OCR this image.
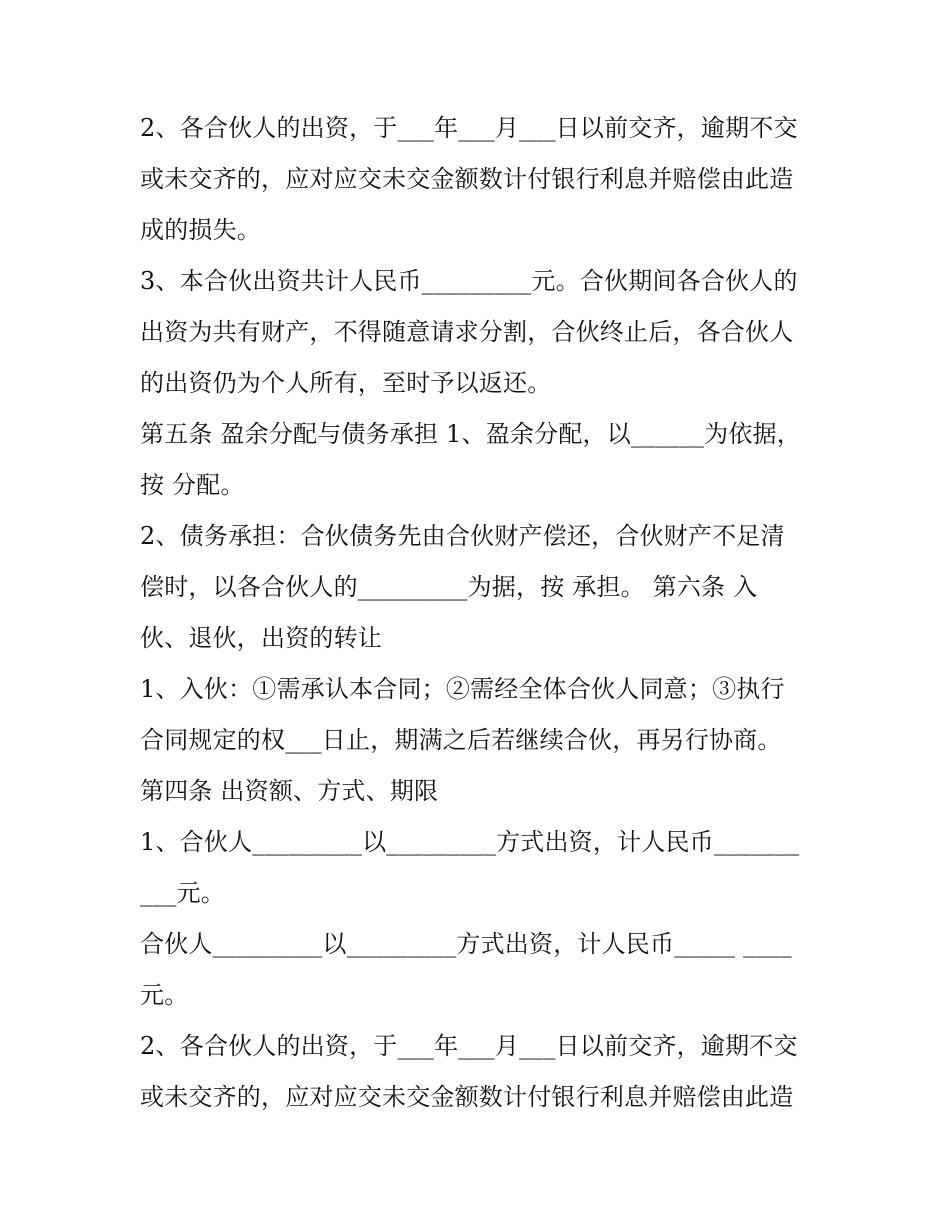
2、各合伙人的出资，于___年___月___日以前交齐，逾期不交
或未交齐的，应对应交未交金额数计付银行利息并赔偿由此造
成的损失。
3、本合伙出资共计人民币_________元。合伙期间各合伙人的
出资为共有财产，不得随意请求分割，合伙终止后，各合伙人
的出资仍为个人所有，至时予以返还。
第五条 盈余分配与债务承担 1、盈余分配，以______为依据，
按 分配。
2、债务承担：合伙债务先由合伙财产偿还，合伙财产不足清
偿时，以各合伙人的_________为据，按 承担。 第六条 入
伙、退伙，出资的转让
1、入伙：①需承认本合同；②需经全体合伙人同意；③执行
合同规定的权___日止，期满之后若继续合伙，再另行协商。
第四条 出资额、方式、期限
1、合伙人_________以_________方式出资，计人民币_______
___元。
合伙人_________以_________方式出资，计人民币_____ ____
元。
2、各合伙人的出资，于___年___月___日以前交齐，逾期不交
或未交齐的，应对应交未交金额数计付银行利息并赔偿由此造
